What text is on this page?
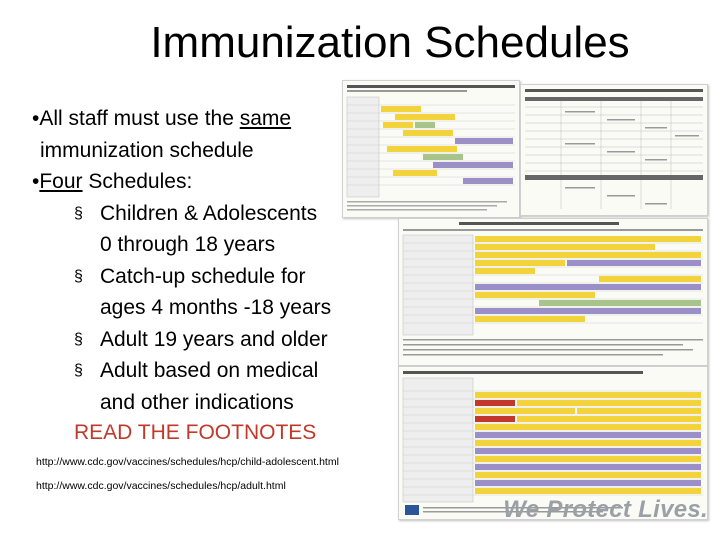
Immunization Schedules
•All staff must use the same
immunization schedule
•Four Schedules:
§ Children & Adolescents
0 through 18 years
§ Catch-up schedule for
ages 4 months -18 years
§ Adult 19 years and older
§ Adult based on medical
and other indications
READ THE FOOTNOTES
http://www.cdc.gov/vaccines/schedules/hcp/child-adolescent.html
http://www.cdc.gov/vaccines/schedules/hcp/adult.html
We Protect Lives.
